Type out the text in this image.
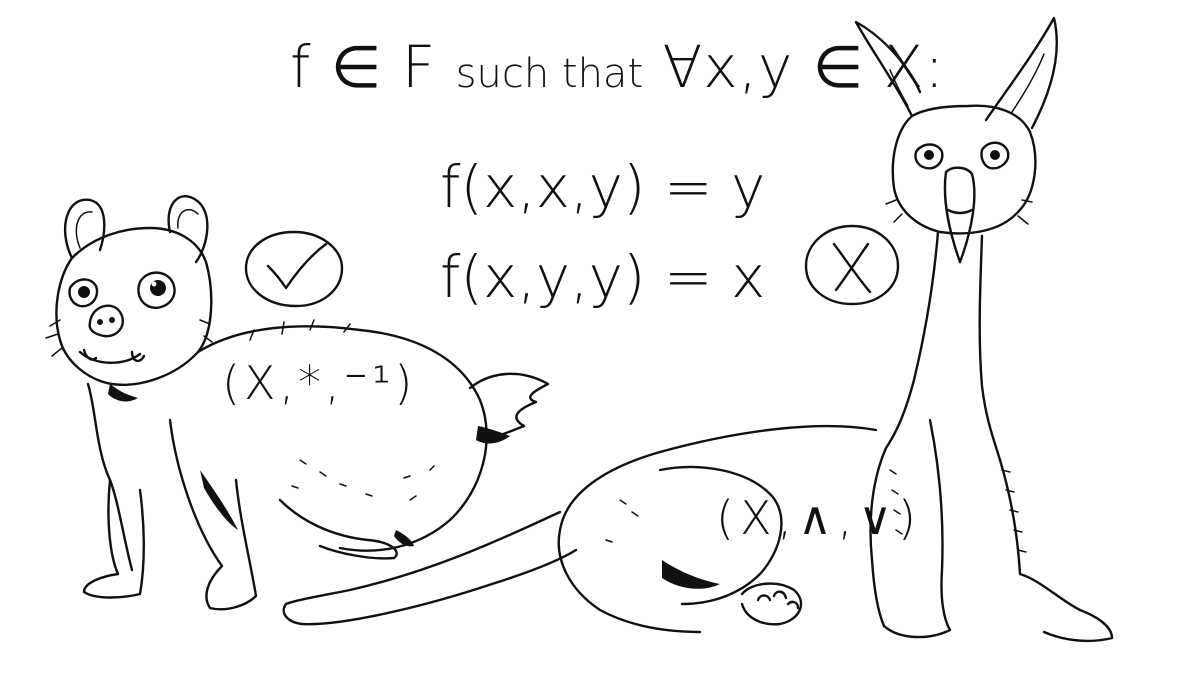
f ∈ F such that ∀x,y ∈ X:
f(x,x,y) = y
f(x,y,y) = x
(X,*,⁻¹)
(X,∧,∨)
